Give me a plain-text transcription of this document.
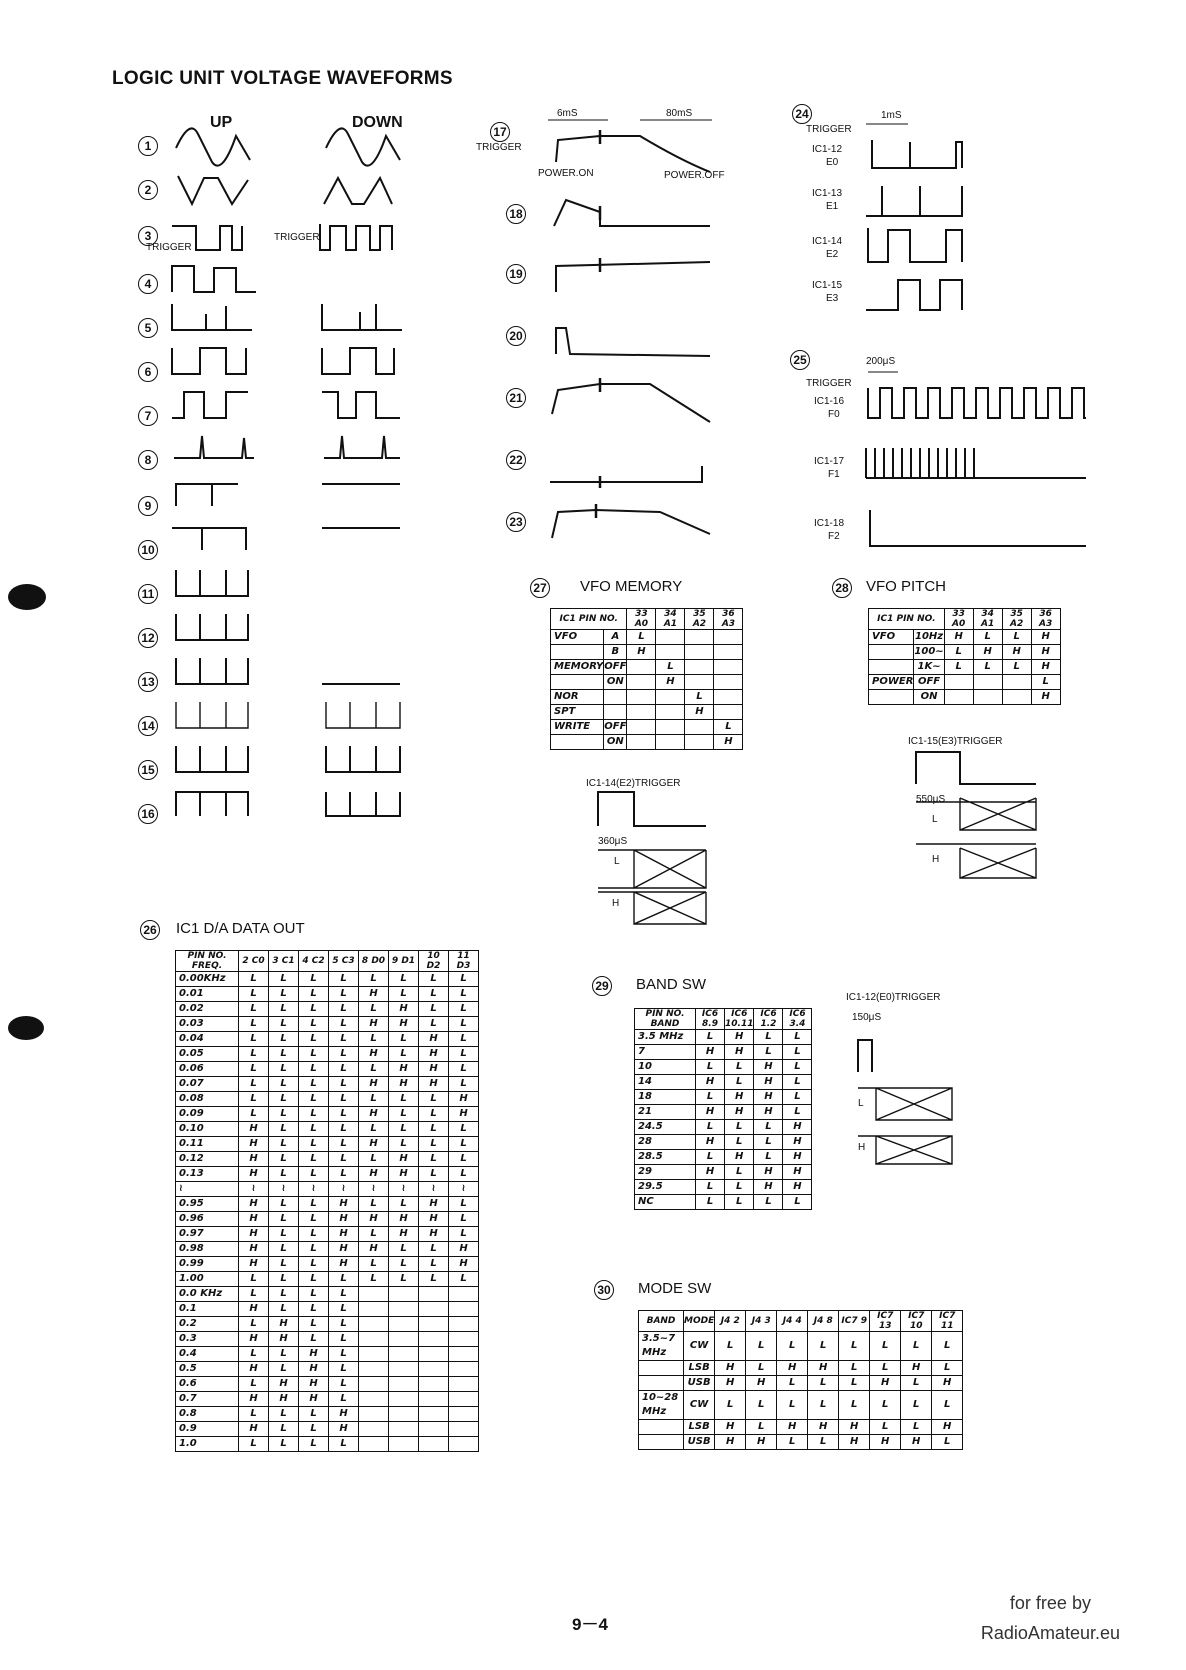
LOGIC UNIT VOLTAGE WAVEFORMS
UP	DOWN
1
2
3
4
5
6
7
8
9
10
11
12
13
14
15
16
TRIGGER
TRIGGER
17
TRIGGER
6mS	80mS
POWER.ON	POWER.OFF
18
19
20
21
22
23
24	1mS
TRIGGER
IC1-12
E0
IC1-13
E1
IC1-14
E2
IC1-15
E3
25	200μS
TRIGGER
IC1-16
F0
IC1-17
F1
IC1-18
F2
27 VFO MEMORY
IC1 PIN NO.		33 A0	34 A1	35 A2	36 A3
VFO	A	L			
	B	H			
MEMORY	OFF		L		
	ON		H		
NOR				L	
SPT				H	
WRITE	OFF				L
	ON				H
IC1-14(E2)TRIGGER
360μS
L
H
28 VFO PITCH
IC1 PIN NO.		33 A0	34 A1	35 A2	36 A3
VFO	10Hz	H	L	L	H
	100~	L	H	H	H
	1K~	L	L	L	H
POWER	OFF				L
	ON				H
IC1-15(E3)TRIGGER
550μS
L
H
26 IC1 D/A DATA OUT
PIN NO. FREQ.	2 C0	3 C1	4 C2	5 C3	8 D0	9 D1	10 D2	11 D3
0.00KHz	L	L	L	L	L	L	L	L
0.01	L	L	L	L	H	L	L	L
0.02	L	L	L	L	L	H	L	L
0.03	L	L	L	L	H	H	L	L
0.04	L	L	L	L	L	L	H	L
0.05	L	L	L	L	H	L	H	L
0.06	L	L	L	L	L	H	H	L
0.07	L	L	L	L	H	H	H	L
0.08	L	L	L	L	L	L	L	H
0.09	L	L	L	L	H	L	L	H
0.10	H	L	L	L	L	L	L	L
0.11	H	L	L	L	H	L	L	L
0.12	H	L	L	L	L	H	L	L
0.13	H	L	L	L	H	H	L	L
≀	≀	≀	≀	≀	≀	≀	≀	≀
0.95	H	L	L	H	L	L	H	L
0.96	H	L	L	H	H	H	H	L
0.97	H	L	L	H	L	H	H	L
0.98	H	L	L	H	H	L	L	H
0.99	H	L	L	H	L	L	L	H
1.00	L	L	L	L	L	L	L	L
0.0 KHz	L	L	L	L				
0.1	H	L	L	L				
0.2	L	H	L	L				
0.3	H	H	L	L				
0.4	L	L	H	L				
0.5	H	L	H	L				
0.6	L	H	H	L				
0.7	H	H	H	L				
0.8	L	L	L	H				
0.9	H	L	L	H				
1.0	L	L	L	L				
29 BAND SW
PIN NO. BAND	IC6 8.9	IC6 10.11	IC6 1.2	IC6 3.4
3.5 MHz	L	H	L	L
7	H	H	L	L
10	L	L	H	L
14	H	L	H	L
18	L	H	H	L
21	H	H	H	L
24.5	L	L	L	H
28	H	L	L	H
28.5	L	H	L	H
29	H	L	H	H
29.5	L	L	H	H
NC	L	L	L	L
IC1-12(E0)TRIGGER
150μS
L
H
30 MODE SW
BAND	MODE	J4 2	J4 3	J4 4	J4 8	IC7 9	IC7 13	IC7 10	IC7 11
3.5~7 MHz	CW	L	L	L	L	L	L	L	L
	LSB	H	L	H	H	L	L	H	L
	USB	H	H	L	L	L	H	L	H
10~28 MHz	CW	L	L	L	L	L	L	L	L
	LSB	H	L	H	H	H	L	L	H
	USB	H	H	L	L	H	H	H	L
9－4
for free by
RadioAmateur.eu
